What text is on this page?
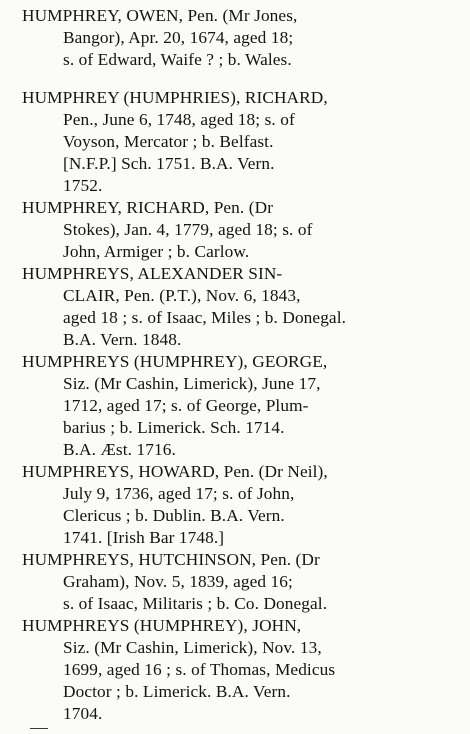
HUMPHREY, OWEN, Pen. (Mr Jones,
Bangor), Apr. 20, 1674, aged 18;
s. of Edward, Waife ? ; b. Wales.
HUMPHREY (HUMPHRIES), RICHARD,
Pen., June 6, 1748, aged 18; s. of
Voyson, Mercator ; b. Belfast.
[N.F.P.] Sch. 1751. B.A. Vern.
1752.
HUMPHREY, RICHARD, Pen. (Dr
Stokes), Jan. 4, 1779, aged 18; s. of
John, Armiger ; b. Carlow.
HUMPHREYS, ALEXANDER SIN-
CLAIR, Pen. (P.T.), Nov. 6, 1843,
aged 18 ; s. of Isaac, Miles ; b. Donegal.
B.A. Vern. 1848.
HUMPHREYS (HUMPHREY), GEORGE,
Siz. (Mr Cashin, Limerick), June 17,
1712, aged 17; s. of George, Plum-
barius ; b. Limerick. Sch. 1714.
B.A. Æst. 1716.
HUMPHREYS, HOWARD, Pen. (Dr Neil),
July 9, 1736, aged 17; s. of John,
Clericus ; b. Dublin. B.A. Vern.
1741. [Irish Bar 1748.]
HUMPHREYS, HUTCHINSON, Pen. (Dr
Graham), Nov. 5, 1839, aged 16;
s. of Isaac, Militaris ; b. Co. Donegal.
HUMPHREYS (HUMPHREY), JOHN,
Siz. (Mr Cashin, Limerick), Nov. 13,
1699, aged 16 ; s. of Thomas, Medicus
Doctor ; b. Limerick. B.A. Vern.
1704.
